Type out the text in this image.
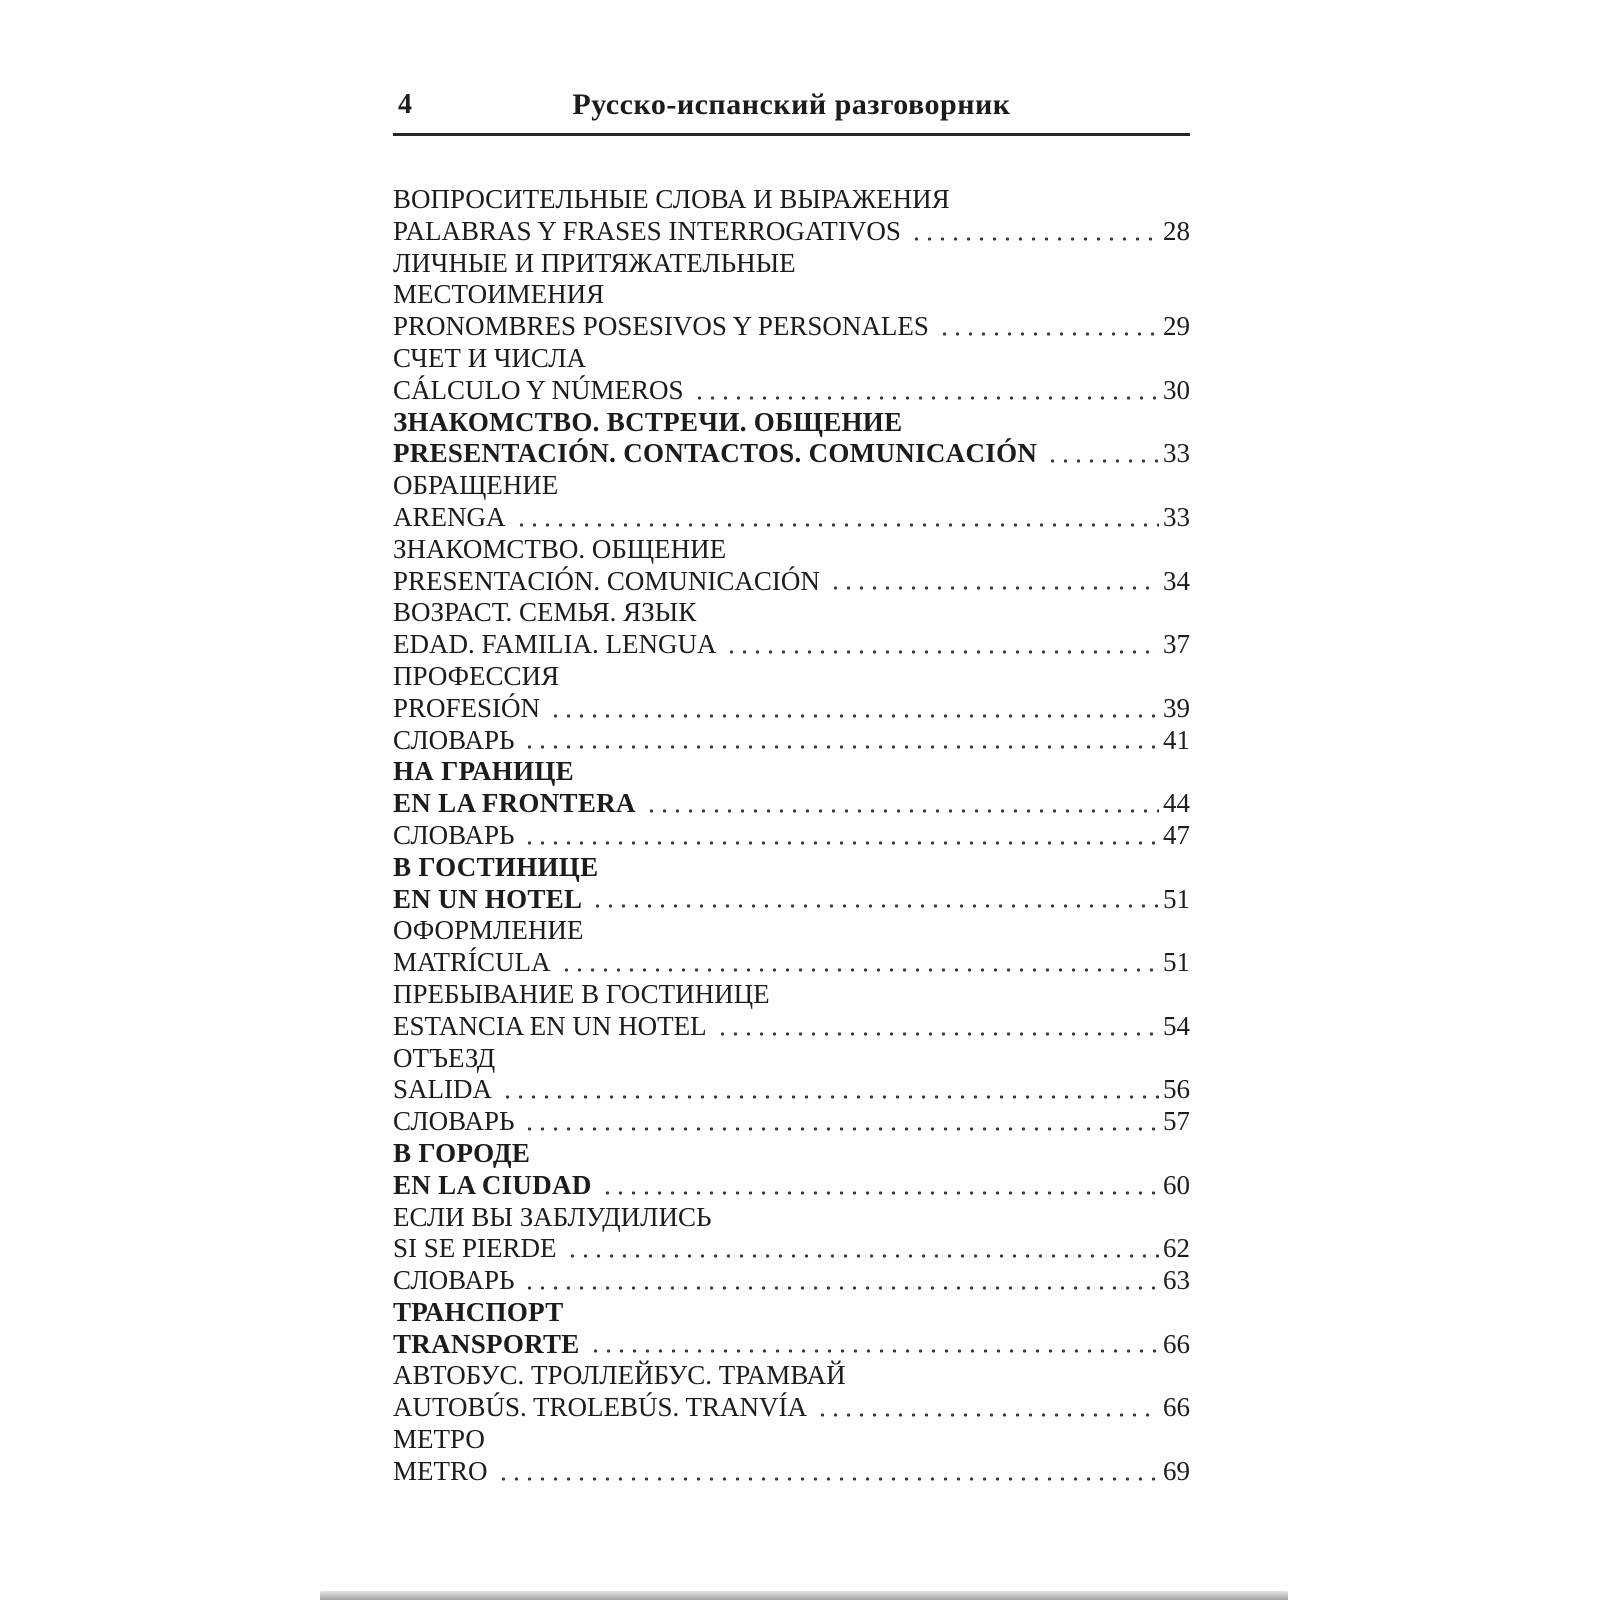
4	Русско-испанский разговорник
ВОПРОСИТЕЛЬНЫЕ СЛОВА И ВЫРАЖЕНИЯ
PALABRAS Y FRASES INTERROGATIVOS	28
ЛИЧНЫЕ И ПРИТЯЖАТЕЛЬНЫЕ
МЕСТОИМЕНИЯ
PRONOMBRES POSESIVOS Y PERSONALES	29
СЧЕТ И ЧИСЛА
CÁLCULO Y NÚMEROS	30
ЗНАКОМСТВО. ВСТРЕЧИ. ОБЩЕНИЕ
PRESENTACIÓN. CONTACTOS. COMUNICACIÓN	33
ОБРАЩЕНИЕ
ARENGA	33
ЗНАКОМСТВО. ОБЩЕНИЕ
PRESENTACIÓN. COMUNICACIÓN	34
ВОЗРАСТ. СЕМЬЯ. ЯЗЫК
EDAD. FAMILIA. LENGUA	37
ПРОФЕССИЯ
PROFESIÓN	39
СЛОВАРЬ	41
НА ГРАНИЦЕ
EN LA FRONTERA	44
СЛОВАРЬ	47
В ГОСТИНИЦЕ
EN UN HOTEL	51
ОФОРМЛЕНИЕ
MATRÍCULA	51
ПРЕБЫВАНИЕ В ГОСТИНИЦЕ
ESTANCIA EN UN HOTEL	54
ОТЪЕЗД
SALIDA	56
СЛОВАРЬ	57
В ГОРОДЕ
EN LA CIUDAD	60
ЕСЛИ ВЫ ЗАБЛУДИЛИСЬ
SI SE PIERDE	62
СЛОВАРЬ	63
ТРАНСПОРТ
TRANSPORTE	66
АВТОБУС. ТРОЛЛЕЙБУС. ТРАМВАЙ
AUTOBÚS. TROLEBÚS. TRANVÍA	66
МЕТРО
METRO	69
